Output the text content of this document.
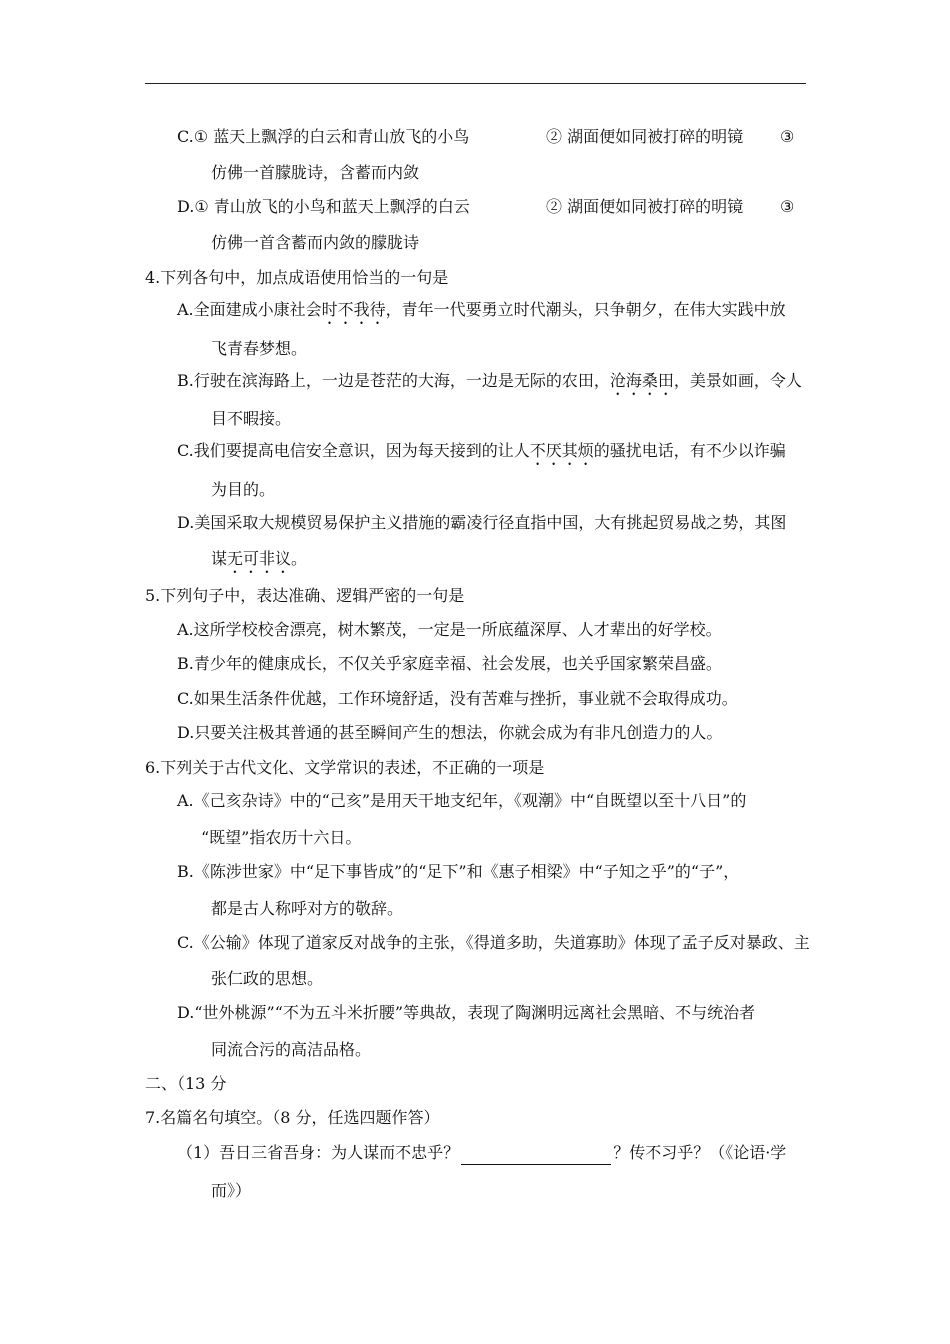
C.① 蓝天上飘浮的白云和青山放飞的小鸟	② 湖面便如同被打碎的明镜 ③
仿佛一首朦胧诗，含蓄而内敛
D.① 青山放飞的小鸟和蓝天上飘浮的白云	② 湖面便如同被打碎的明镜 ③
仿佛一首含蓄而内敛的朦胧诗
4.下列各句中，加点成语使用恰当的一句是
A.全面建成小康社会时不我待，青年一代要勇立时代潮头，只争朝夕，在伟大实践中放
飞青春梦想。
B.行驶在滨海路上，一边是苍茫的大海，一边是无际的农田，沧海桑田，美景如画，令人
目不暇接。
C.我们要提高电信安全意识，因为每天接到的让人不厌其烦的骚扰电话，有不少以诈骗
为目的。
D.美国采取大规模贸易保护主义措施的霸凌行径直指中国，大有挑起贸易战之势，其图
谋无可非议。
5.下列句子中，表达准确、逻辑严密的一句是
A.这所学校校舍漂亮，树木繁茂，一定是一所底蕴深厚、人才辈出的好学校。
B.青少年的健康成长，不仅关乎家庭幸福、社会发展，也关乎国家繁荣昌盛。
C.如果生活条件优越，工作环境舒适，没有苦难与挫折，事业就不会取得成功。
D.只要关注极其普通的甚至瞬间产生的想法，你就会成为有非凡创造力的人。
6.下列关于古代文化、文学常识的表述，不正确的一项是
A.《己亥杂诗》中的“己亥”是用天干地支纪年，《观潮》中“自既望以至十八日”的
“既望”指农历十六日。
B.《陈涉世家》中“足下事皆成”的“足下”和《惠子相梁》中“子知之乎”的“子”，
都是古人称呼对方的敬辞。
C.《公输》体现了道家反对战争的主张，《得道多助，失道寡助》体现了孟子反对暴政、主
张仁政的思想。
D.“世外桃源”“不为五斗米折腰”等典故，表现了陶渊明远离社会黑暗、不与统治者
同流合污的高洁品格。
二、（13 分
7.名篇名句填空。（8 分，任选四题作答）
（1）吾日三省吾身：为人谋而不忠乎？	？传不习乎？（《论语·学
而》）
